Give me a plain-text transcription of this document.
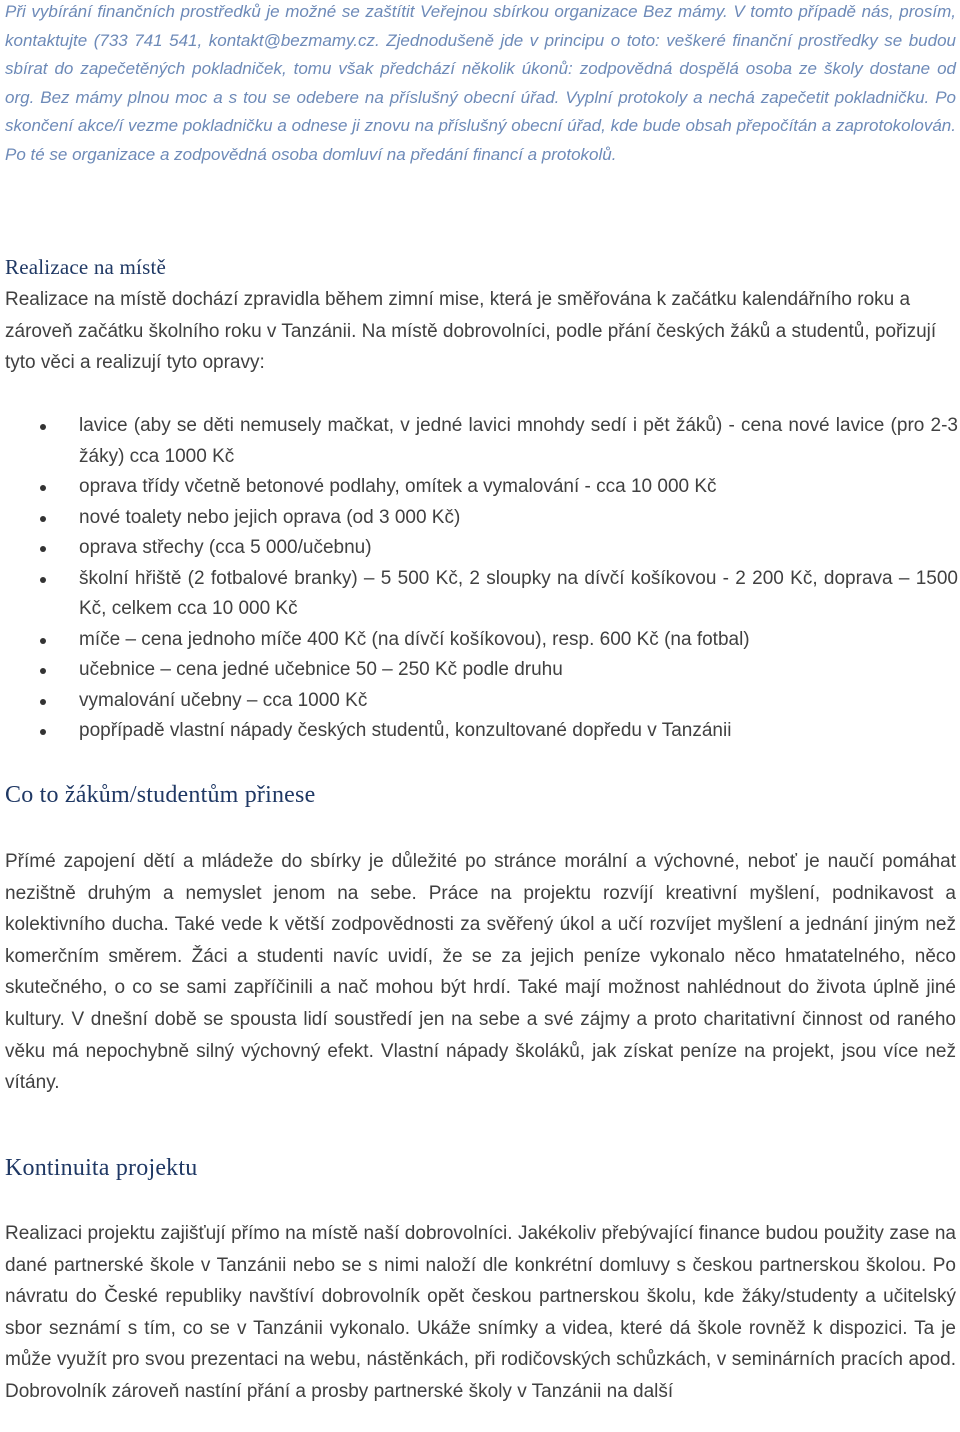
Při vybírání finančních prostředků je možné se zaštítit Veřejnou sbírkou organizace Bez mámy. V tomto případě nás, prosím, kontaktujte (733 741 541, kontakt@bezmamy.cz. Zjednodušeně jde v principu o toto: veškeré finanční prostředky se budou sbírat do zapečetěných pokladniček, tomu však předchází několik úkonů: zodpovědná dospělá osoba ze školy dostane od org. Bez mámy plnou moc a s tou se odebere na příslušný obecní úřad. Vyplní protokoly a nechá zapečetit pokladničku. Po skončení akce/í vezme pokladničku a odnese ji znovu na příslušný obecní úřad, kde bude obsah přepočítán a zaprotokolován. Po té se organizace a zodpovědná osoba domluví na předání financí a protokolů.

Realizace na místě

Realizace na místě dochází zpravidla během zimní mise, která je směřována k začátku kalendářního roku a zároveň začátku školního roku v Tanzánii. Na místě dobrovolníci, podle přání českých žáků a studentů, pořizují tyto věci a realizují tyto opravy:

lavice (aby se děti nemusely mačkat, v jedné lavici mnohdy sedí i pět žáků) - cena nové lavice (pro 2-3 žáky) cca 1000 Kč
oprava třídy včetně betonové podlahy, omítek a vymalování - cca 10 000 Kč
nové toalety nebo jejich oprava (od 3 000 Kč)
oprava střechy (cca 5 000/učebnu)
školní hřiště (2 fotbalové branky) – 5 500 Kč, 2 sloupky na dívčí košíkovou - 2 200 Kč, doprava – 1500 Kč, celkem cca 10 000 Kč
míče – cena jednoho míče 400 Kč (na dívčí košíkovou), resp. 600 Kč (na fotbal)
učebnice – cena jedné učebnice 50 – 250 Kč podle druhu
vymalování učebny – cca 1000 Kč
popřípadě vlastní nápady českých studentů, konzultované dopředu v Tanzánii
Co to žákům/studentům přinese

Přímé zapojení dětí a mládeže do sbírky je důležité po stránce morální a výchovné, neboť je naučí pomáhat nezištně druhým a nemyslet jenom na sebe. Práce na projektu rozvíjí kreativní myšlení, podnikavost a kolektivního ducha. Také vede k větší zodpovědnosti za svěřený úkol a učí rozvíjet myšlení a jednání jiným než komerčním směrem. Žáci a studenti navíc uvidí, že se za jejich peníze vykonalo něco hmatatelného, něco skutečného, o co se sami zapříčinili a nač mohou být hrdí. Také mají možnost nahlédnout do života úplně jiné kultury. V dnešní době se spousta lidí soustředí jen na sebe a své zájmy a proto charitativní činnost od raného věku má nepochybně silný výchovný efekt. Vlastní nápady školáků, jak získat peníze na projekt, jsou více než vítány.

Kontinuita projektu

Realizaci projektu zajišťují přímo na místě naší dobrovolníci. Jakékoliv přebývající finance budou použity zase na dané partnerské škole v Tanzánii nebo se s nimi naloží dle konkrétní domluvy s českou partnerskou školou. Po návratu do České republiky navštíví dobrovolník opět českou partnerskou školu, kde žáky/studenty a učitelský sbor seznámí s tím, co se v Tanzánii vykonalo. Ukáže snímky a videa, které dá škole rovněž k dispozici. Ta je může využít pro svou prezentaci na webu, nástěnkách, při rodičovských schůzkách, v seminárních pracích apod. Dobrovolník zároveň nastíní přání a prosby partnerské školy v Tanzánii na další
